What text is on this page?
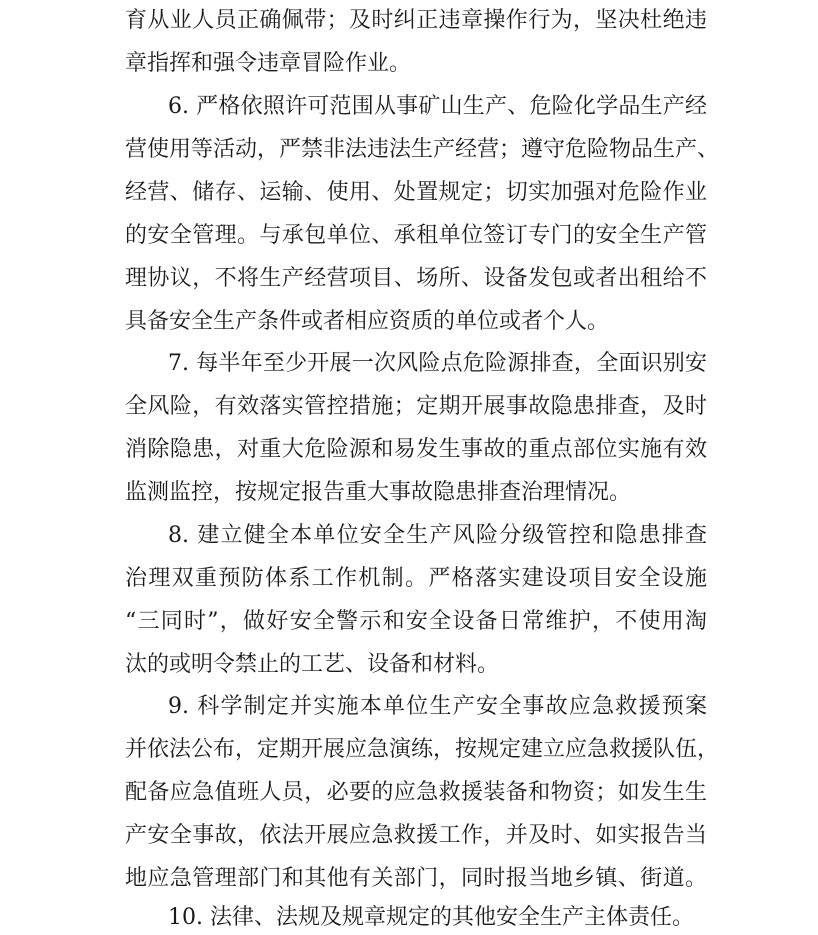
育从业人员正确佩带；及时纠正违章操作行为，坚决杜绝违
章指挥和强令违章冒险作业。
6. 严格依照许可范围从事矿山生产、危险化学品生产经
营使用等活动，严禁非法违法生产经营；遵守危险物品生产、
经营、储存、运输、使用、处置规定；切实加强对危险作业
的安全管理。与承包单位、承租单位签订专门的安全生产管
理协议，不将生产经营项目、场所、设备发包或者出租给不
具备安全生产条件或者相应资质的单位或者个人。
7. 每半年至少开展一次风险点危险源排查，全面识别安
全风险，有效落实管控措施；定期开展事故隐患排查，及时
消除隐患，对重大危险源和易发生事故的重点部位实施有效
监测监控，按规定报告重大事故隐患排查治理情况。
8. 建立健全本单位安全生产风险分级管控和隐患排查
治理双重预防体系工作机制。严格落实建设项目安全设施
“三同时”，做好安全警示和安全设备日常维护，不使用淘
汰的或明令禁止的工艺、设备和材料。
9. 科学制定并实施本单位生产安全事故应急救援预案
并依法公布，定期开展应急演练，按规定建立应急救援队伍，
配备应急值班人员，必要的应急救援装备和物资；如发生生
产安全事故，依法开展应急救援工作，并及时、如实报告当
地应急管理部门和其他有关部门，同时报当地乡镇、街道。
10. 法律、法规及规章规定的其他安全生产主体责任。
